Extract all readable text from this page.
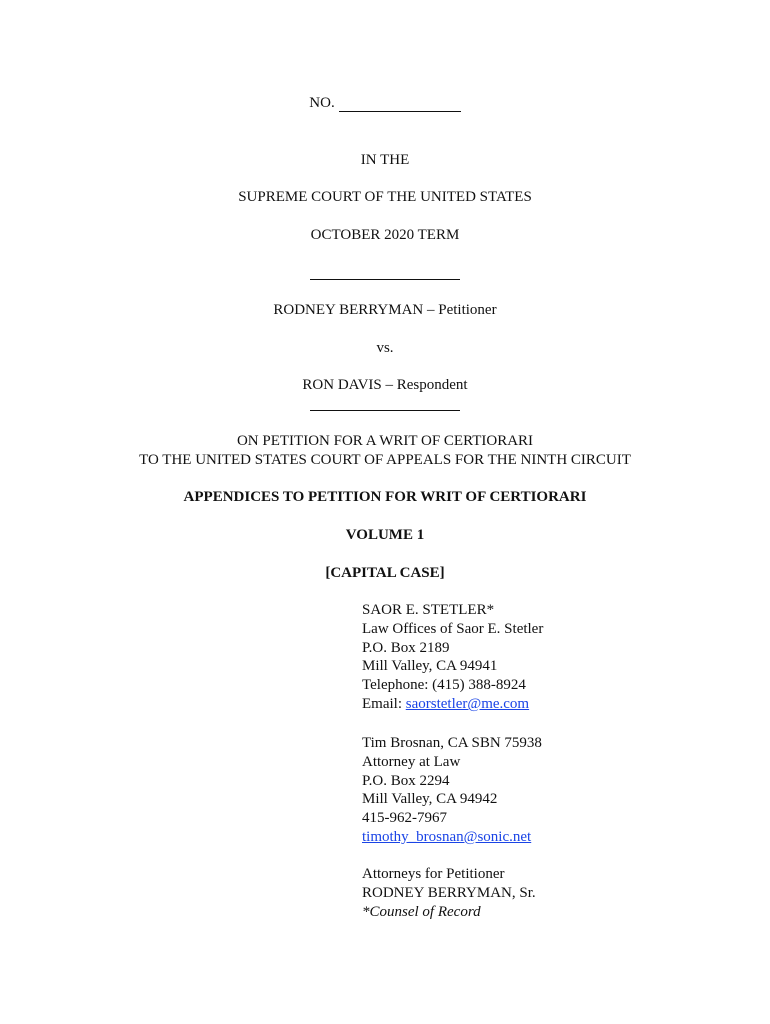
NO.
IN THE
SUPREME COURT OF THE UNITED STATES
OCTOBER 2020 TERM
RODNEY BERRYMAN – Petitioner
vs.
RON DAVIS – Respondent
ON PETITION FOR A WRIT OF CERTIORARI
TO THE UNITED STATES COURT OF APPEALS FOR THE NINTH CIRCUIT
APPENDICES TO PETITION FOR WRIT OF CERTIORARI
VOLUME 1
[CAPITAL CASE]
SAOR E. STETLER*
Law Offices of Saor E. Stetler
P.O. Box 2189
Mill Valley, CA 94941
Telephone: (415) 388-8924
Email: saorstetler@me.com
Tim Brosnan, CA SBN 75938
Attorney at Law
P.O. Box 2294
Mill Valley, CA 94942
415-962-7967
timothy_brosnan@sonic.net
Attorneys for Petitioner
RODNEY BERRYMAN, Sr.
*Counsel of Record
